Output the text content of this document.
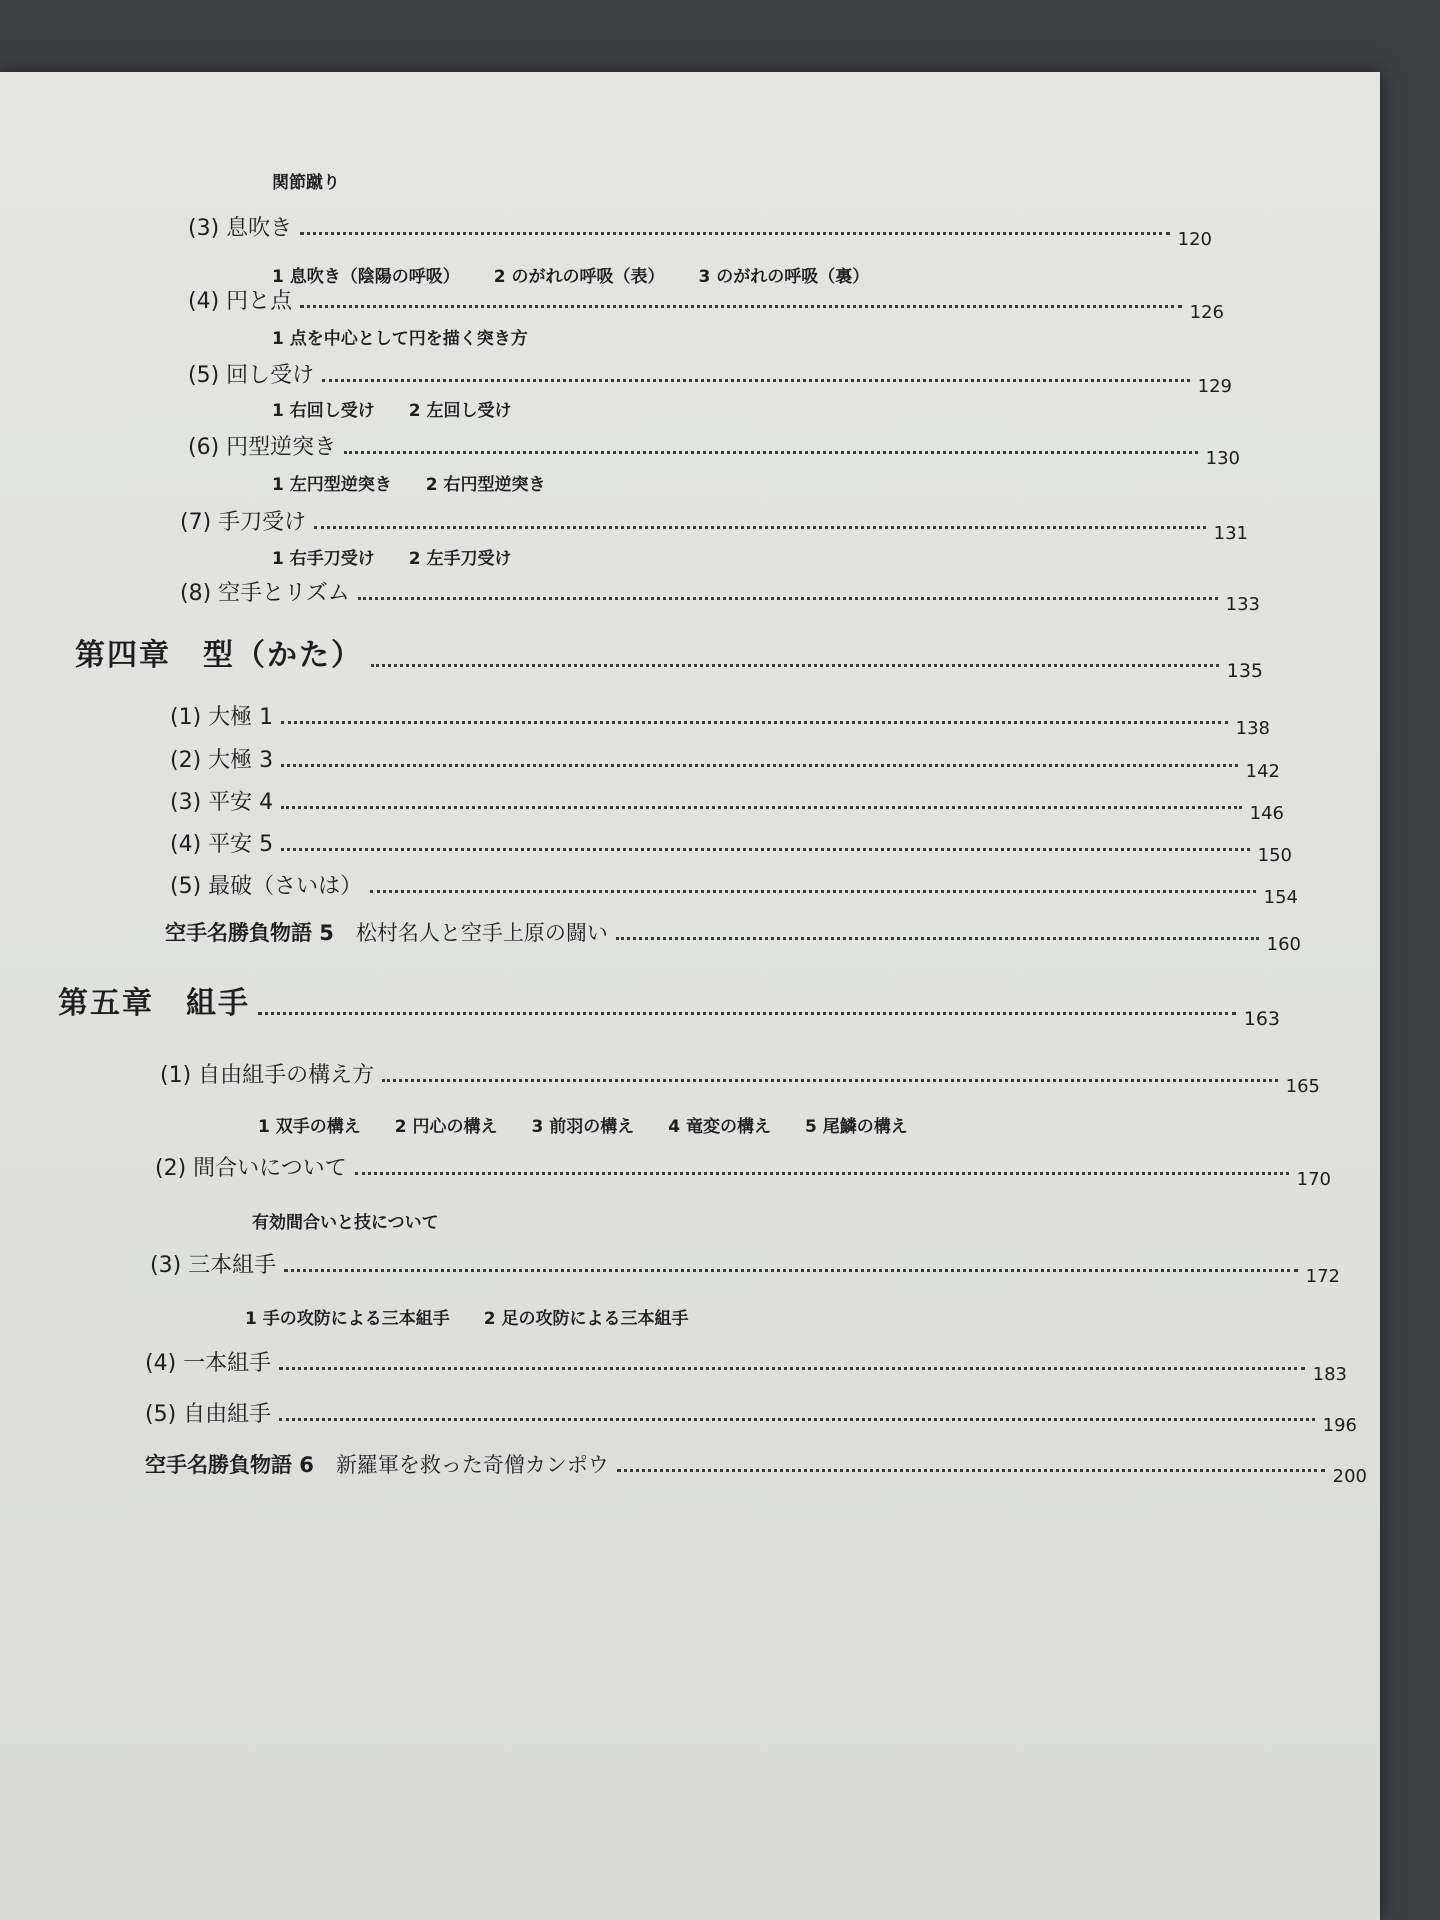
関節蹴り
(3) 息吹き	120
1 息吹き（陰陽の呼吸） 2 のがれの呼吸（表） 3 のがれの呼吸（裏）
(4) 円と点	126
1 点を中心として円を描く突き方
(5) 回し受け	129
1 右回し受け 2 左回し受け
(6) 円型逆突き	130
1 左円型逆突き 2 右円型逆突き
(7) 手刀受け	131
1 右手刀受け 2 左手刀受け
(8) 空手とリズム	133
第四章　型（かた）	135
(1) 大極 1	138
(2) 大極 3	142
(3) 平安 4	146
(4) 平安 5	150
(5) 最破（さいは）	154
空手名勝負物語 5 松村名人と空手上原の闘い	160
第五章　組手	163
(1) 自由組手の構え方	165
1 双手の構え 2 円心の構え 3 前羽の構え 4 竜変の構え 5 尾鱗の構え
(2) 間合いについて	170
有効間合いと技について
(3) 三本組手	172
1 手の攻防による三本組手 2 足の攻防による三本組手
(4) 一本組手	183
(5) 自由組手	196
空手名勝負物語 6 新羅軍を救った奇僧カンポウ	200
